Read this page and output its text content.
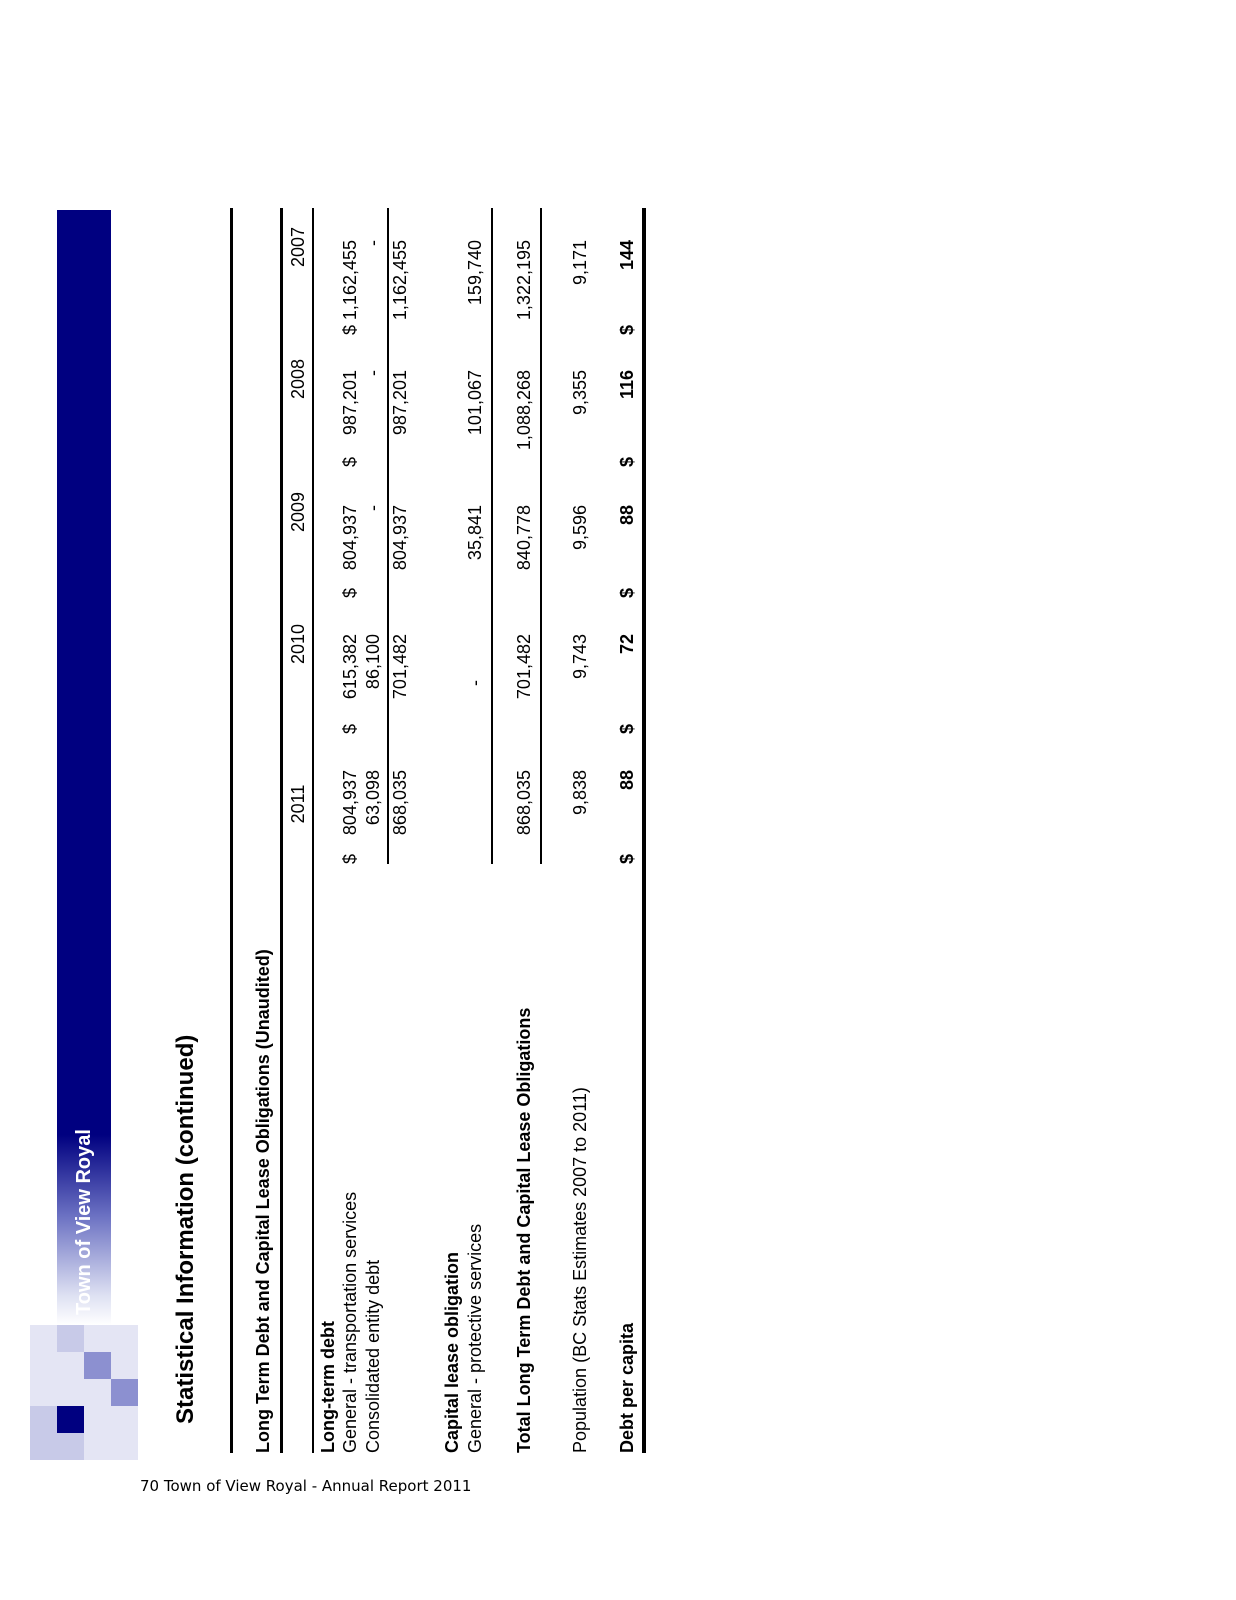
Town of View Royal	Statistical Information (continued)	Long Term Debt and Capital Lease Obligations (Unaudited)
2011
2010
2009
2008
2007
Long-term debt General - transportation services Consolidated entity debt
$
$
$
$
$
804,937
615,382
804,937
987,201
1,162,455
63,098
86,100
-
-
-
868,035
701,482
804,937
987,201
1,162,455
Capital lease obligation General - protective services
-
35,841
101,067
159,740
Total Long Term Debt and Capital Lease Obligations
868,035
701,482
840,778
1,088,268
1,322,195
Population (BC Stats Estimates 2007 to 2011)
9,838
9,743
9,596
9,355
9,171
Debt per capita
$
$
$
$
$
88
72
88
116
144
70 Town of View Royal - Annual Report 2011
